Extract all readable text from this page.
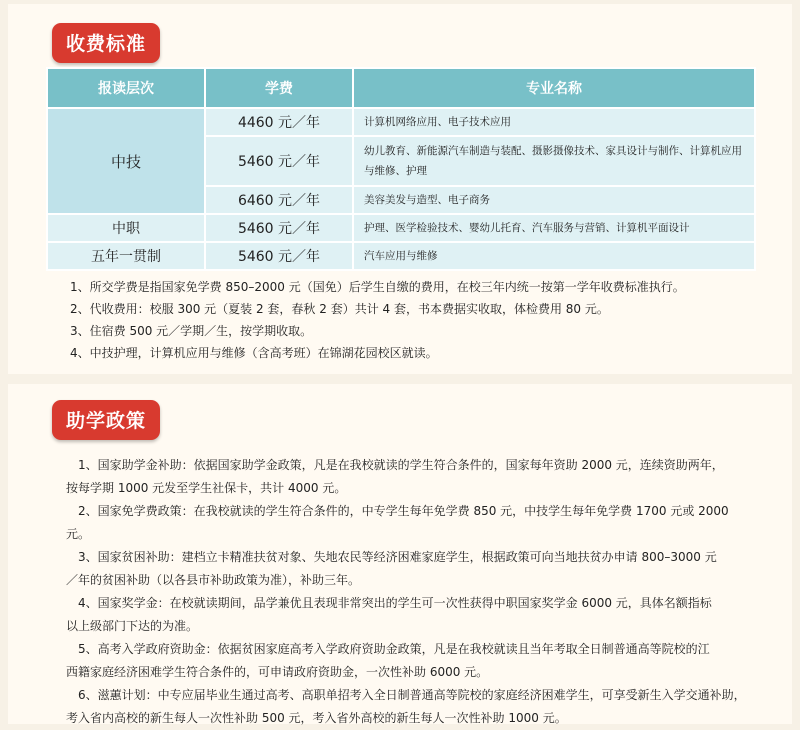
收费标准
报读层次	学费	专业名称
中技	4460 元／年	计算机网络应用、电子技术应用
	5460 元／年	幼儿教育、新能源汽车制造与装配、摄影摄像技术、家具设计与制作、计算机应用与维修、护理
	6460 元／年	美容美发与造型、电子商务
中职	5460 元／年	护理、医学检验技术、婴幼儿托育、汽车服务与营销、计算机平面设计
五年一贯制	5460 元／年	汽车应用与维修
1、所交学费是指国家免学费 850–2000 元（国免）后学生自缴的费用，在校三年内统一按第一学年收费标准执行。
2、代收费用：校服 300 元（夏装 2 套，春秋 2 套）共计 4 套，书本费据实收取，体检费用 80 元。
3、住宿费 500 元／学期／生，按学期收取。
4、中技护理，计算机应用与维修（含高考班）在锦湖花园校区就读。
助学政策
1、国家助学金补助：依据国家助学金政策，凡是在我校就读的学生符合条件的，国家每年资助 2000 元，连续资助两年，
按每学期 1000 元发至学生社保卡，共计 4000 元。
2、国家免学费政策：在我校就读的学生符合条件的，中专学生每年免学费 850 元，中技学生每年免学费 1700 元或 2000 元。
3、国家贫困补助：建档立卡精准扶贫对象、失地农民等经济困难家庭学生，根据政策可向当地扶贫办申请 800–3000 元
／年的贫困补助（以各县市补助政策为准），补助三年。
4、国家奖学金：在校就读期间，品学兼优且表现非常突出的学生可一次性获得中职国家奖学金 6000 元，具体名额指标
以上级部门下达的为准。
5、高考入学政府资助金：依据贫困家庭高考入学政府资助金政策，凡是在我校就读且当年考取全日制普通高等院校的江
西籍家庭经济困难学生符合条件的，可申请政府资助金，一次性补助 6000 元。
6、滋蕙计划：中专应届毕业生通过高考、高职单招考入全日制普通高等院校的家庭经济困难学生，可享受新生入学交通补助，
考入省内高校的新生每人一次性补助 500 元，考入省外高校的新生每人一次性补助 1000 元。
